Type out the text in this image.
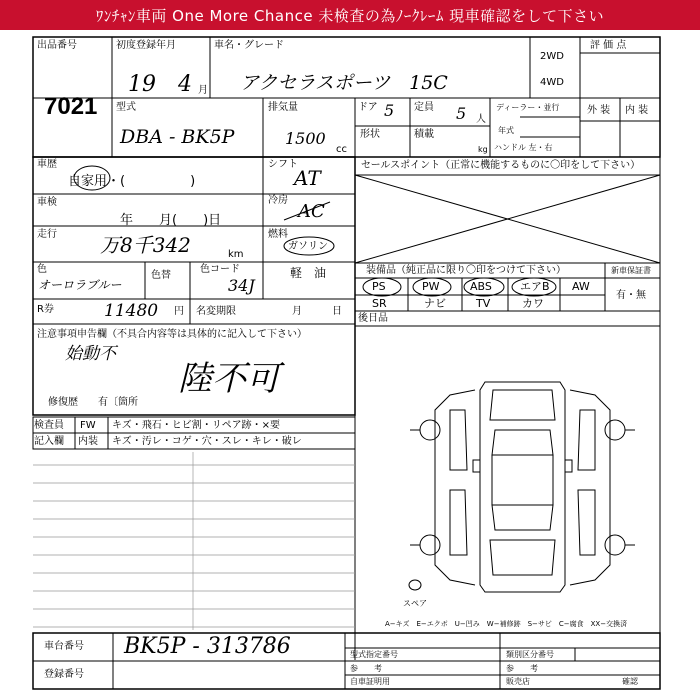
ﾜﾝﾁｬﾝ車両 One More Chance 未検査の為ﾉｰｸﾚｰﾑ 現車確認をして下さい
出品番号
7021
初度登録年月
19 4 月
車名・グレード
アクセラスポーツ　15C
2WD
4WD
評 価 点
型式
DBA - BK5P
排気量
1500
cc
ドア 5 定員 5 人
形状	積載
kg
ディーラー・並行
年式
ハンドル 左・右
外 装 内 装
車歴
自家用・(　　　　　)
シフト
AT
車検
年　　月(　　)日
冷房
AC
走行 万8千342	km
燃料
ガソリン
軽　油
色
オーロラブルー
色替
色コード
34J
R券	11480 円 名変期限	月　　　日
注意事項申告欄（不具合内容等は具体的に記入して下さい）
始動不
陸不可
修復歴　　有〔箇所
セールスポイント（正常に機能するものに〇印をして下さい）
装備品（純正品に限り〇印をつけて下さい）	新車保証書
有・無
PS	PW	ABS	エアB AW
SR	ナビ	TV	カワ
後日品
検査員
記入欄
FW キズ・飛石・ヒビ割・リペア跡・×要
内装 キズ・汚レ・コゲ・穴・スレ・キレ・破レ
スペア
A−キズ　E−エクボ　U−凹み　W−補修跡　S−サビ　C−腐食　XX−交換済
車台番号 BK5P - 313786
登録番号
型式指定番号	類別区分番号
参　　考	参　　考
自車証明用	販売店	確認
